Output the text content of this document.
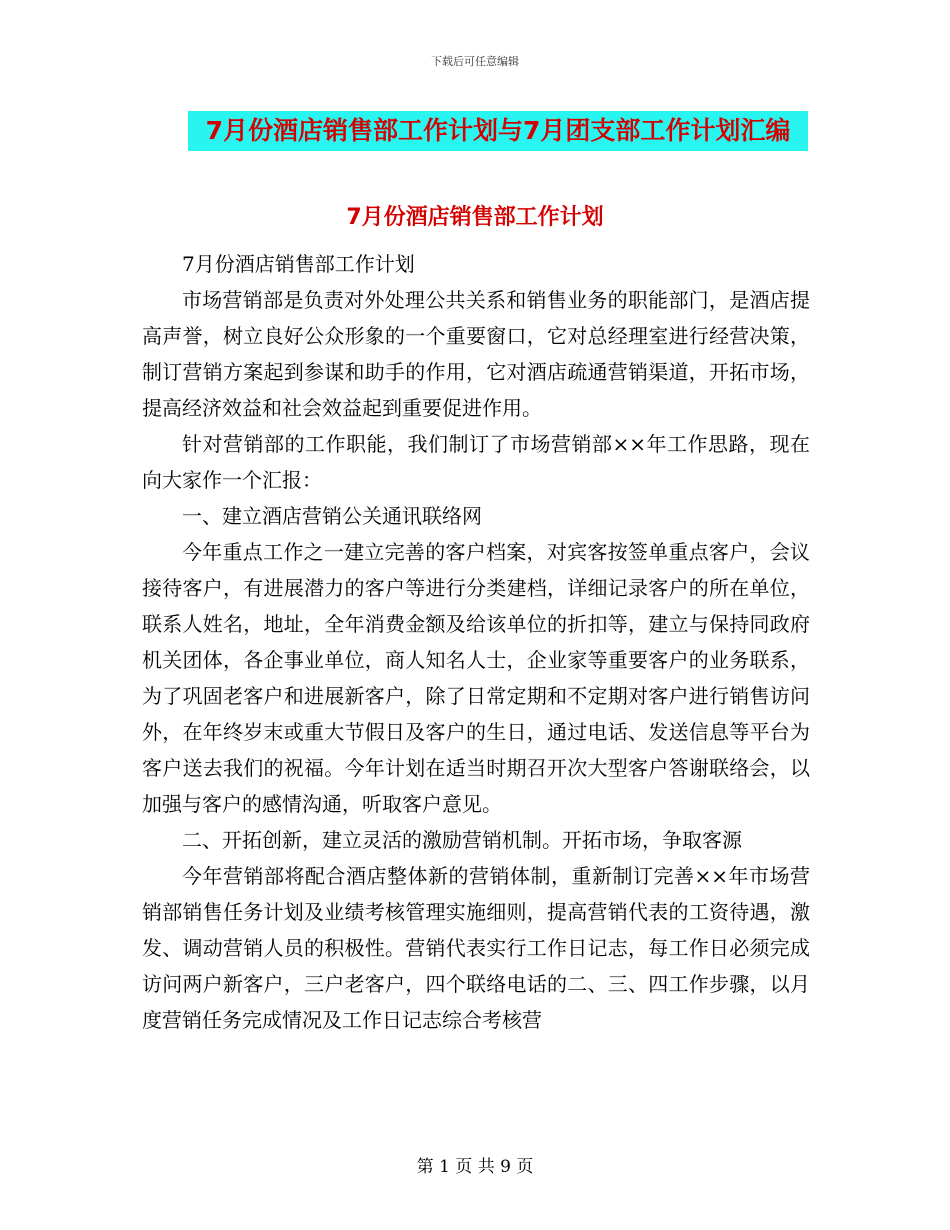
下载后可任意编辑
7月份酒店销售部工作计划与7月团支部工作计划汇编
7月份酒店销售部工作计划

7月份酒店销售部工作计划

市场营销部是负责对外处理公共关系和销售业务的职能部门，是酒店提高声誉，树立良好公众形象的一个重要窗口，它对总经理室进行经营决策，制订营销方案起到参谋和助手的作用，它对酒店疏通营销渠道，开拓市场，提高经济效益和社会效益起到重要促进作用。

针对营销部的工作职能，我们制订了市场营销部××年工作思路，现在向大家作一个汇报：

一、建立酒店营销公关通讯联络网

今年重点工作之一建立完善的客户档案，对宾客按签单重点客户，会议接待客户，有进展潜力的客户等进行分类建档，详细记录客户的所在单位，联系人姓名，地址，全年消费金额及给该单位的折扣等，建立与保持同政府机关团体，各企事业单位，商人知名人士，企业家等重要客户的业务联系，为了巩固老客户和进展新客户，除了日常定期和不定期对客户进行销售访问外，在年终岁末或重大节假日及客户的生日，通过电话、发送信息等平台为客户送去我们的祝福。今年计划在适当时期召开次大型客户答谢联络会，以加强与客户的感情沟通，听取客户意见。

二、开拓创新，建立灵活的激励营销机制。开拓市场，争取客源

今年营销部将配合酒店整体新的营销体制，重新制订完善××年市场营销部销售任务计划及业绩考核管理实施细则，提高营销代表的工资待遇，激发、调动营销人员的积极性。营销代表实行工作日记志，每工作日必须完成访问两户新客户，三户老客户，四个联络电话的二、三、四工作步骤，以月度营销任务完成情况及工作日记志综合考核营

第 1 页 共 9 页
